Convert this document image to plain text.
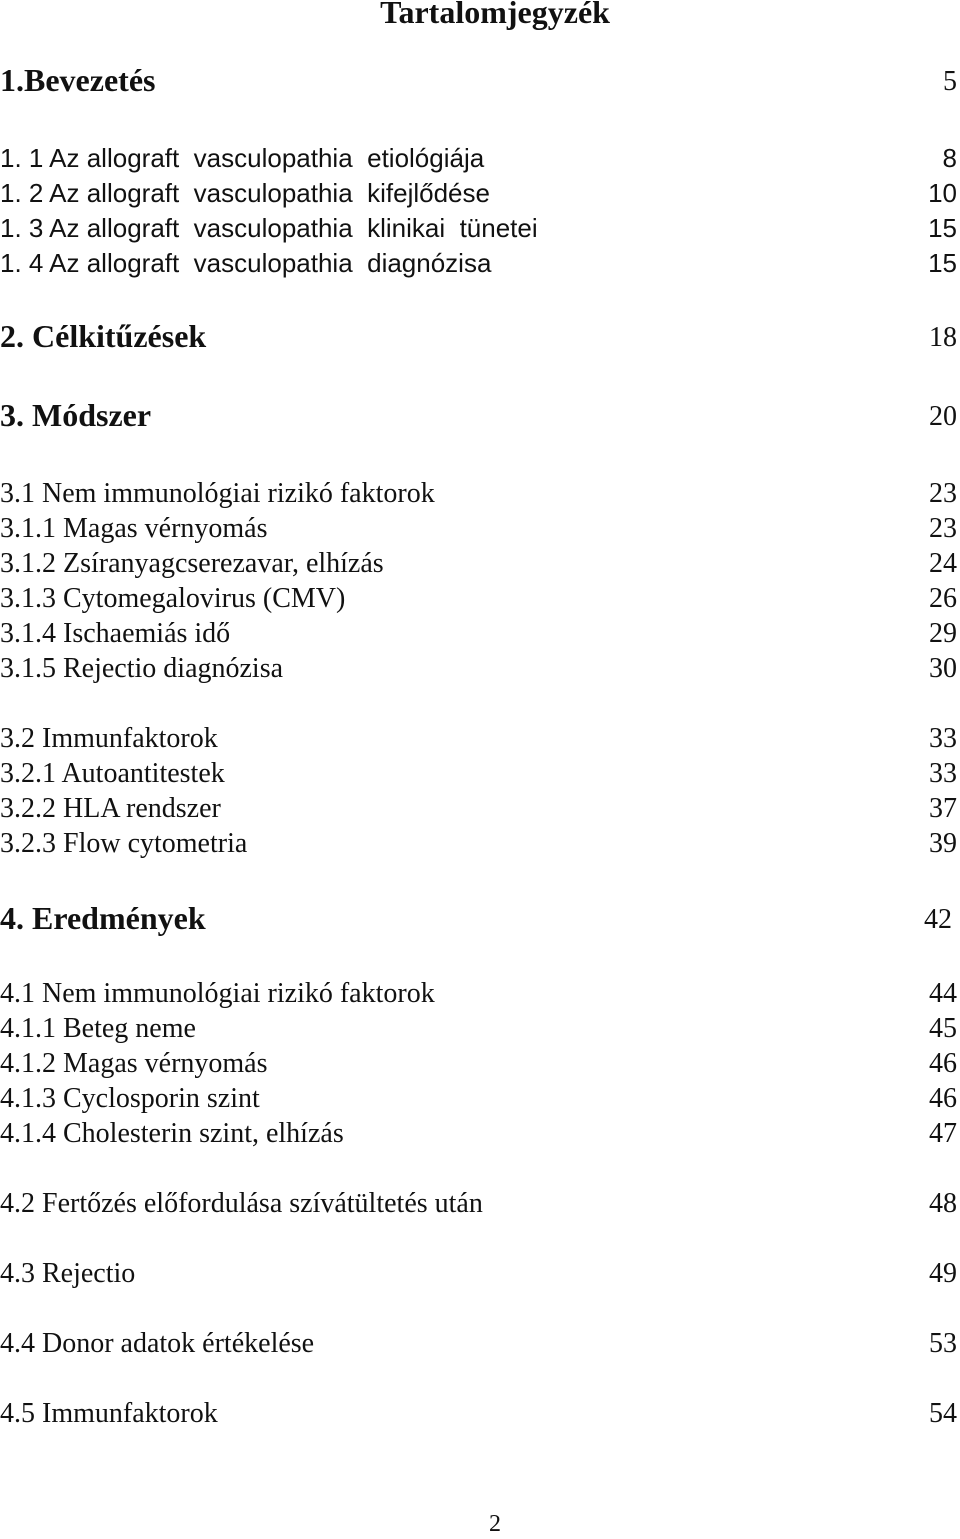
Tartalomjegyzék
1.Bevezetés	5
1. 1 Az allograft  vasculopathia  etiológiája	8
1. 2 Az allograft  vasculopathia  kifejlődése	10
1. 3 Az allograft  vasculopathia  klinikai  tünetei	15
1. 4 Az allograft  vasculopathia  diagnózisa	15
2. Célkitűzések	18
3. Módszer	20
3.1 Nem immunológiai rizikó faktorok	23
3.1.1 Magas vérnyomás	23
3.1.2 Zsíranyagcserezavar, elhízás	24
3.1.3 Cytomegalovirus (CMV)	26
3.1.4 Ischaemiás idő	29
3.1.5 Rejectio diagnózisa	30
3.2 Immunfaktorok	33
3.2.1 Autoantitestek	33
3.2.2 HLA rendszer	37
3.2.3 Flow cytometria	39
4. Eredmények	42
4.1 Nem immunológiai rizikó faktorok	44
4.1.1 Beteg neme	45
4.1.2 Magas vérnyomás	46
4.1.3 Cyclosporin szint	46
4.1.4 Cholesterin szint, elhízás	47
4.2 Fertőzés előfordulása szívátültetés után	48
4.3 Rejectio	49
4.4 Donor adatok értékelése	53
4.5 Immunfaktorok	54
2
